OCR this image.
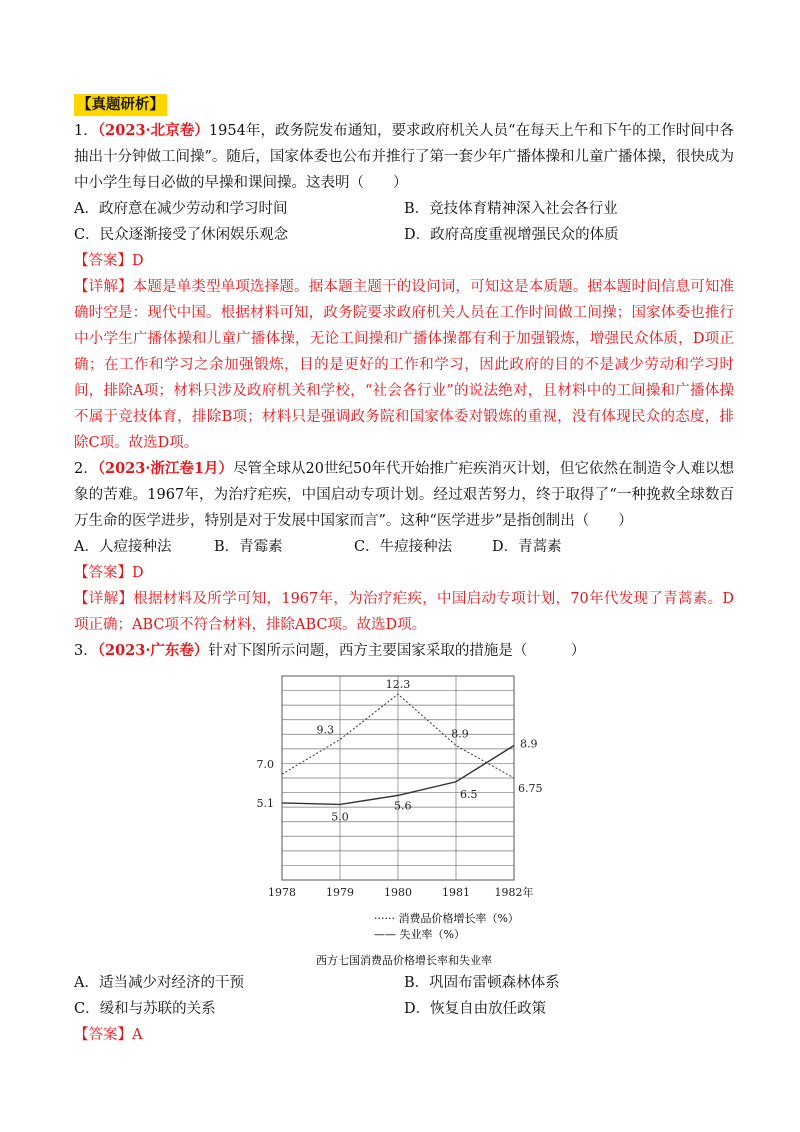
【真题研析】

1．（2023·北京卷）1954年，政务院发布通知，要求政府机关人员“在每天上午和下午的工作时间中各抽出十分钟做工间操”。随后，国家体委也公布并推行了第一套少年广播体操和儿童广播体操，很快成为中小学生每日必做的早操和课间操。这表明（　　）

A．政府意在减少劳动和学习时间	B．竞技体育精神深入社会各行业
C．民众逐渐接受了休闲娱乐观念	D．政府高度重视增强民众的体质

【答案】D

【详解】本题是单类型单项选择题。据本题主题干的设问词，可知这是本质题。据本题时间信息可知准确时空是：现代中国。根据材料可知，政务院要求政府机关人员在工作时间做工间操；国家体委也推行中小学生广播体操和儿童广播体操，无论工间操和广播体操都有利于加强锻炼，增强民众体质，D项正确；在工作和学习之余加强锻炼，目的是更好的工作和学习，因此政府的目的不是减少劳动和学习时间，排除A项；材料只涉及政府机关和学校，“社会各行业”的说法绝对，且材料中的工间操和广播体操不属于竞技体育，排除B项；材料只是强调政务院和国家体委对锻炼的重视，没有体现民众的态度，排除C项。故选D项。

2．（2023·浙江卷1月）尽管全球从20世纪50年代开始推广疟疾消灭计划，但它依然在制造令人难以想象的苦难。1967年，为治疗疟疾，中国启动专项计划。经过艰苦努力，终于取得了“一种挽救全球数百万生命的医学进步，特别是对于发展中国家而言”。这种“医学进步”是指创制出（　　）

A．人痘接种法	B．青霉素	C．牛痘接种法	D．青蒿素

【答案】D

【详解】根据材料及所学可知，1967年，为治疗疟疾，中国启动专项计划，70年代发现了青蒿素。D项正确；ABC项不符合材料，排除ABC项。故选D项。

3．（2023·广东卷）针对下图所示问题，西方主要国家采取的措施是（　　　）

7.0
9.3
12.3
8.9
6.75
5.1
5.0
5.6
6.5
8.9
1978	1979	1980	1981 1982年
······ 消费品价格增长率（%）
—— 失业率（%）
西方七国消费品价格增长率和失业率
A．适当减少对经济的干预	B．巩固布雷顿森林体系
C．缓和与苏联的关系	D．恢复自由放任政策

【答案】A
